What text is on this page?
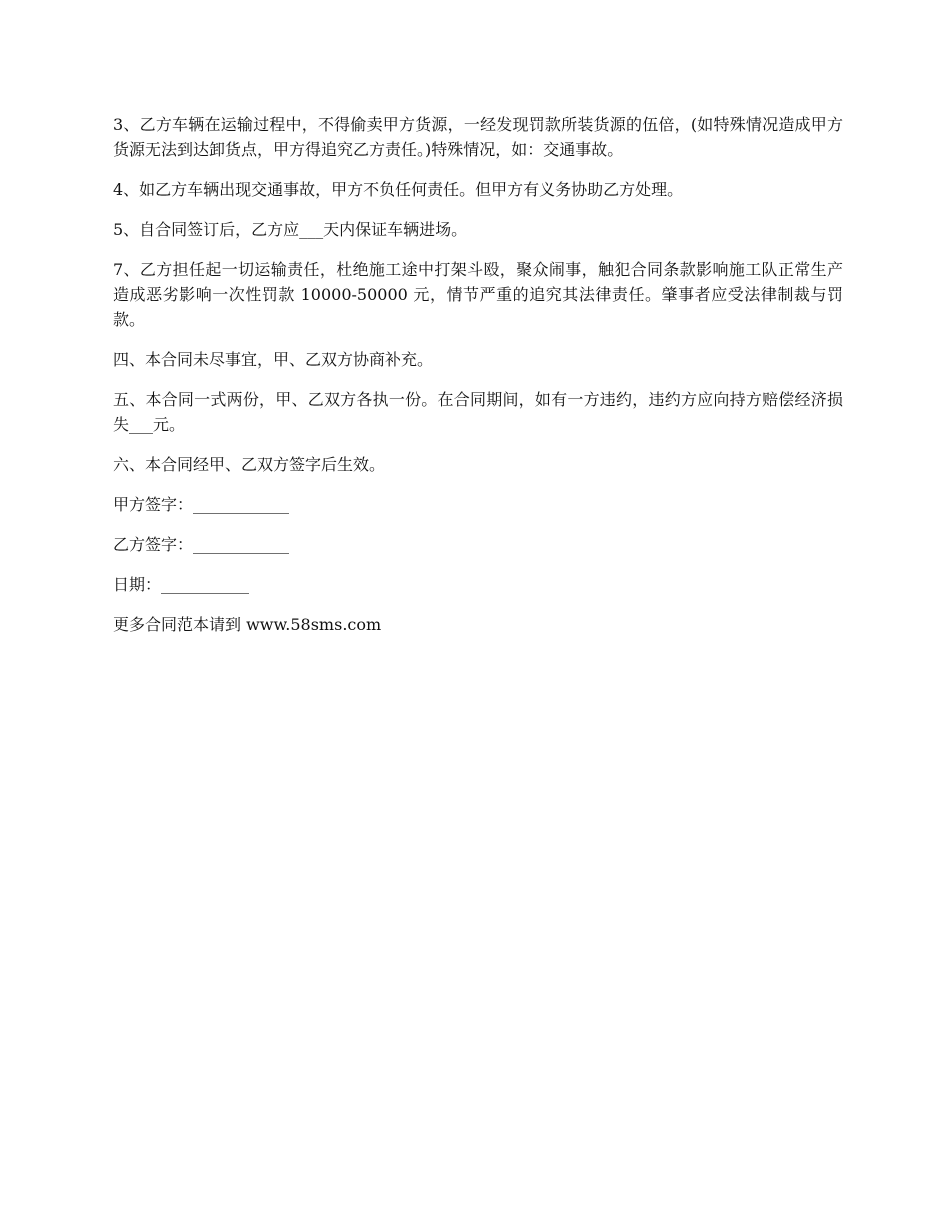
3、乙方车辆在运输过程中，不得偷卖甲方货源，一经发现罚款所装货源的伍倍，(如特殊情况造成甲方货源无法到达卸货点，甲方得追究乙方责任。)特殊情况，如：交通事故。

4、如乙方车辆出现交通事故，甲方不负任何责任。但甲方有义务协助乙方处理。

5、自合同签订后，乙方应___天内保证车辆进场。

7、乙方担任起一切运输责任，杜绝施工途中打架斗殴，聚众闹事，触犯合同条款影响施工队正常生产造成恶劣影响一次性罚款 10000-50000 元，情节严重的追究其法律责任。肇事者应受法律制裁与罚款。

四、本合同未尽事宜，甲、乙双方协商补充。

五、本合同一式两份，甲、乙双方各执一份。在合同期间，如有一方违约，违约方应向持方赔偿经济损失___元。

六、本合同经甲、乙双方签字后生效。

甲方签字：____________

乙方签字：____________

日期：___________

更多合同范本请到 www.58sms.com
